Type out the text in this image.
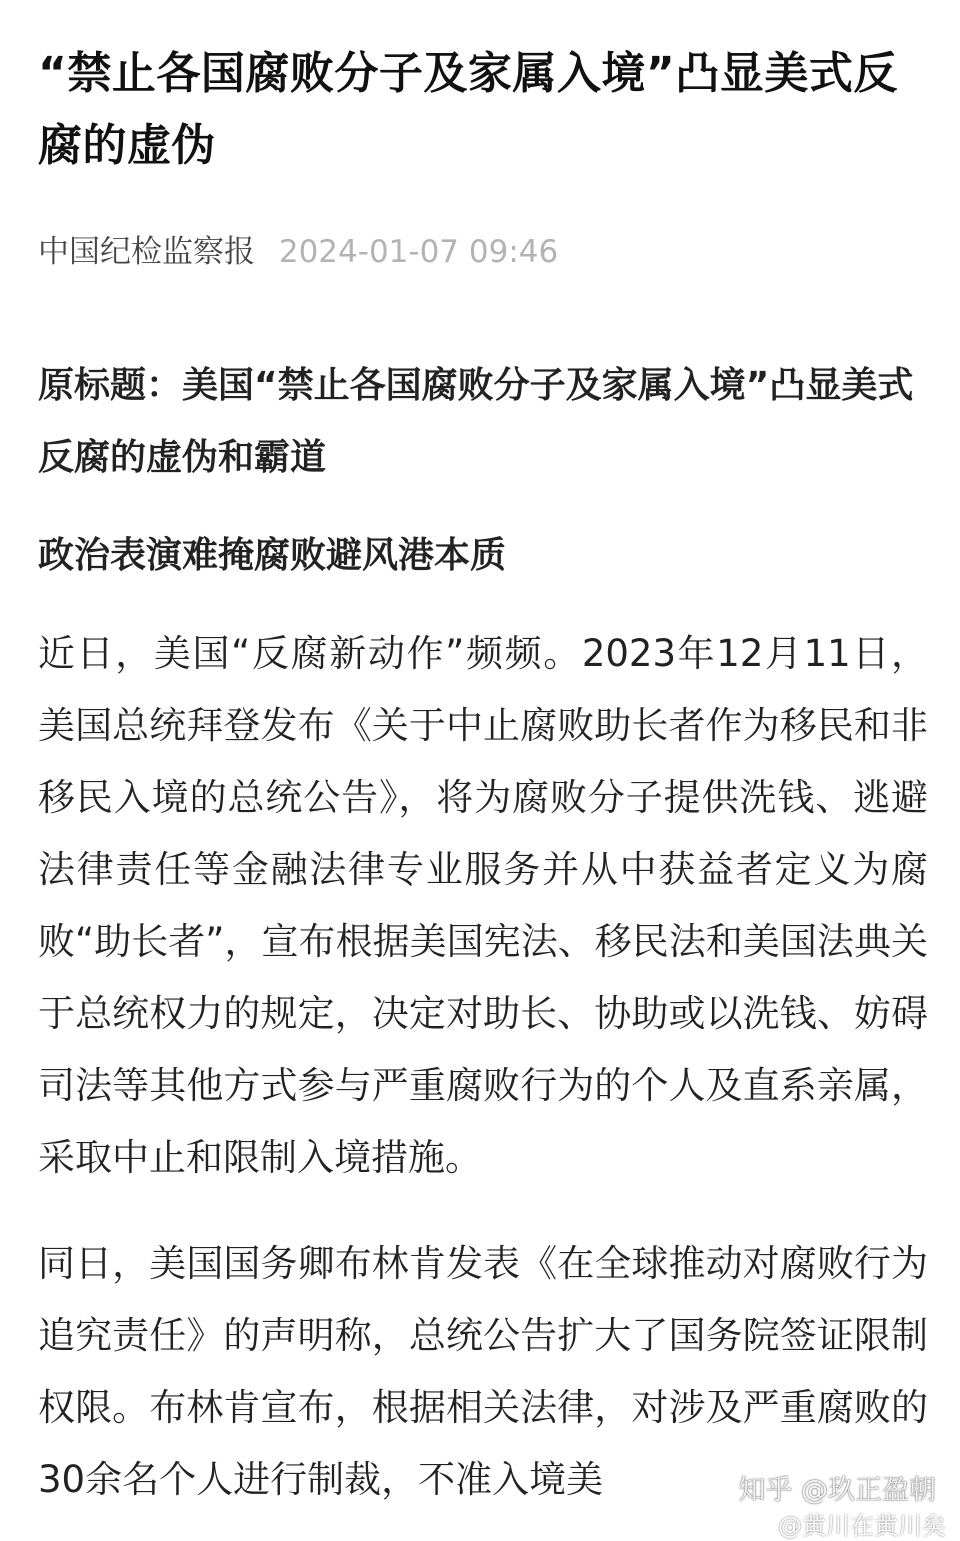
“禁止各国腐败分子及家属入境”凸显美式反腐的虚伪
中国纪检监察报 2024-01-07 09:46

原标题：美国“禁止各国腐败分子及家属入境”凸显美式反腐的虚伪和霸道

政治表演难掩腐败避风港本质

近日，美国“反腐新动作”频频。2023年12月11日，美国总统拜登发布《关于中止腐败助长者作为移民和非移民入境的总统公告》，将为腐败分子提供洗钱、逃避法律责任等金融法律专业服务并从中获益者定义为腐败“助长者”，宣布根据美国宪法、移民法和美国法典关于总统权力的规定，决定对助长、协助或以洗钱、妨碍司法等其他方式参与严重腐败行为的个人及直系亲属，采取中止和限制入境措施。

同日，美国国务卿布林肯发表《在全球推动对腐败行为追究责任》的声明称，总统公告扩大了国务院签证限制权限。布林肯宣布，根据相关法律，对涉及严重腐败的30余名个人进行制裁，不准入境美	知乎 @玖正盈朝
@黄川在黄川矣
